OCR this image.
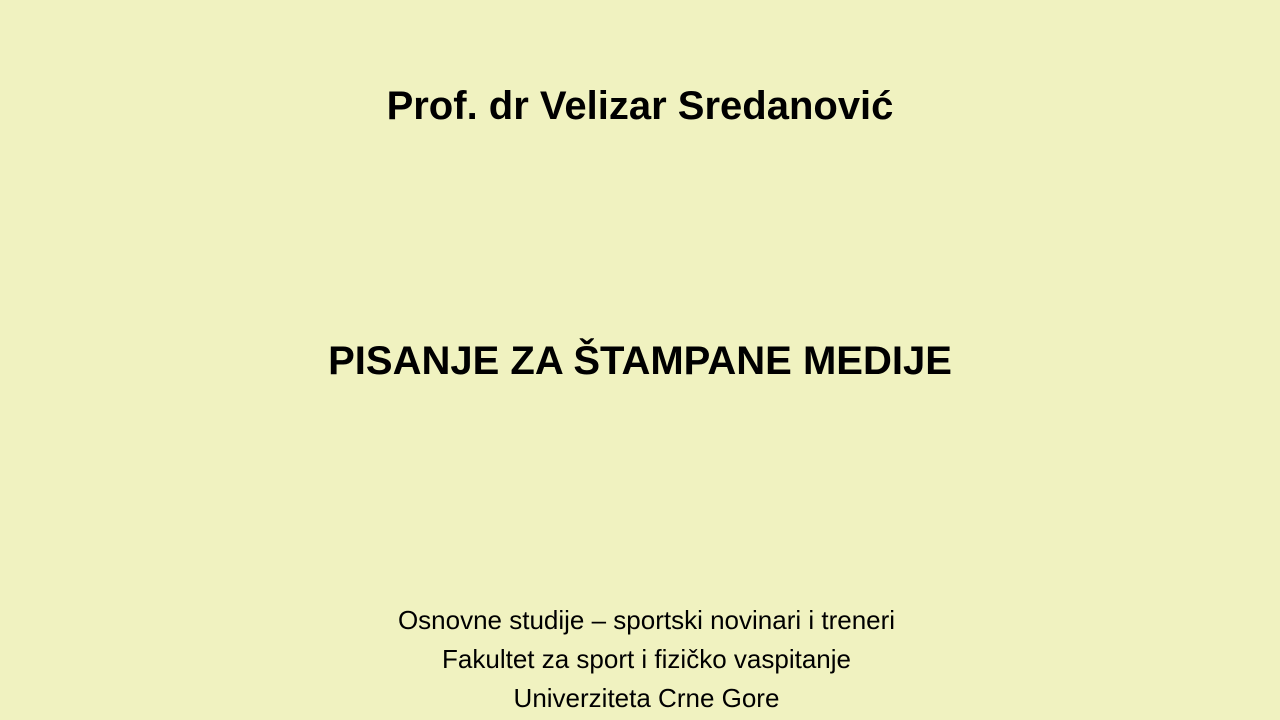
Prof. dr Velizar Sredanović
PISANJE ZA ŠTAMPANE MEDIJE
Osnovne studije – sportski novinari i treneri
Fakultet za sport i fizičko vaspitanje
Univerziteta Crne Gore
